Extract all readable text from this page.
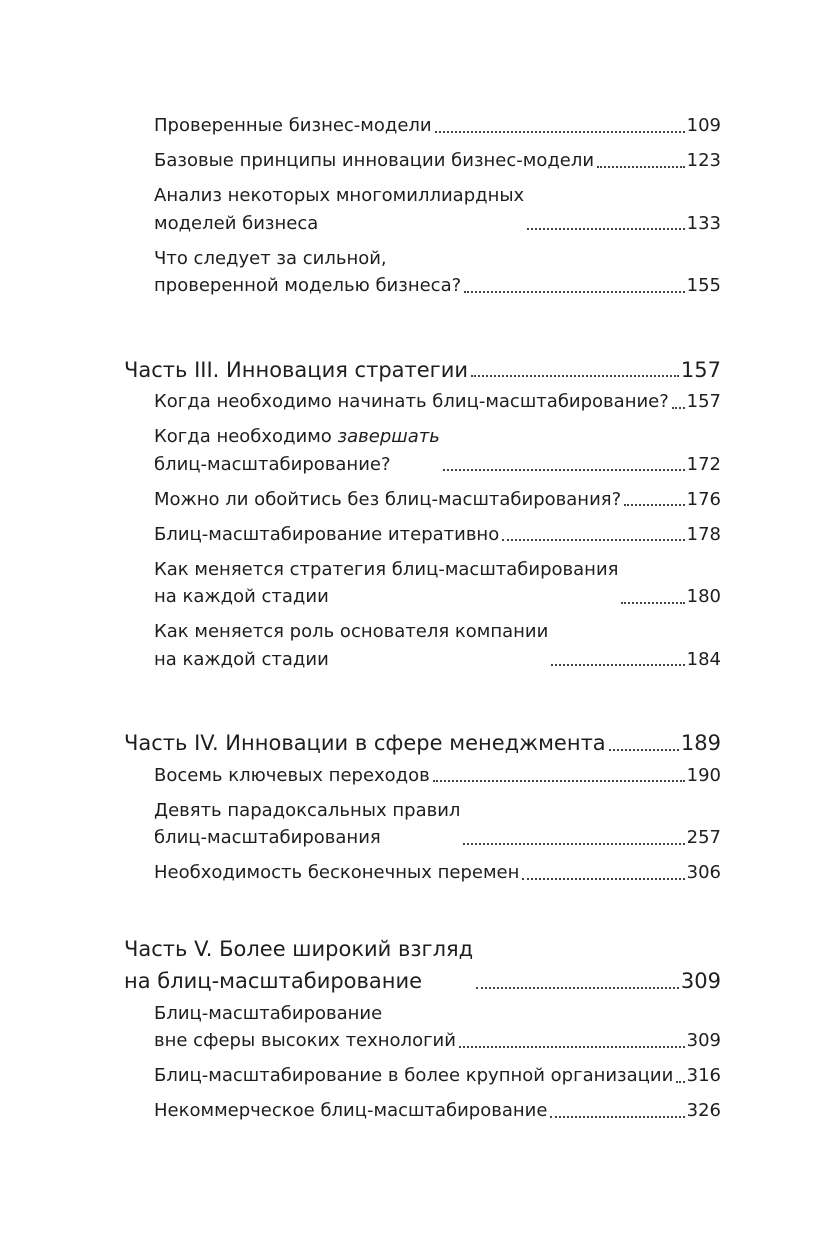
Проверенные бизнес-модели	109
Базовые принципы инновации бизнес-модели	123
Анализ некоторых многомиллиардных
моделей бизнеса	133
Что следует за сильной,
проверенной моделью бизнеса?	155
Часть III. Инновация стратегии	157
Когда необходимо начинать блиц-масштабирование? 157
Когда необходимо завершать
блиц-масштабирование?	172
Можно ли обойтись без блиц-масштабирования?	176
Блиц-масштабирование итеративно	178
Как меняется стратегия блиц-масштабирования
на каждой стадии	180
Как меняется роль основателя компании
на каждой стадии	184
Часть IV. Инновации в сфере менеджмента	189
Восемь ключевых переходов	190
Девять парадоксальных правил
блиц-масштабирования	257
Необходимость бесконечных перемен	306
Часть V. Более широкий взгляд
на блиц-масштабирование	309
Блиц-масштабирование
вне сферы высоких технологий	309
Блиц-масштабирование в более крупной организации 316
Некоммерческое блиц-масштабирование	326
